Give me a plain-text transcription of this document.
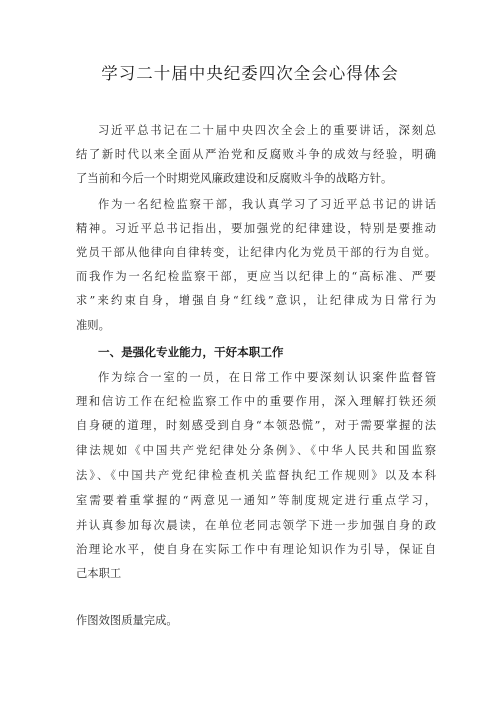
学习二十届中央纪委四次全会心得体会
习近平总书记在二十届中央四次全会上的重要讲话，深刻总
结了新时代以来全面从严治党和反腐败斗争的成效与经验，明确
了当前和今后一个时期党风廉政建设和反腐败斗争的战略方针。
作为一名纪检监察干部，我认真学习了习近平总书记的讲话
精神。习近平总书记指出，要加强党的纪律建设，特别是要推动
党员干部从他律向自律转变，让纪律内化为党员干部的行为自觉。
而我作为一名纪检监察干部，更应当以纪律上的“高标准、严要
求”来约束自身，增强自身“红线”意识，让纪律成为日常行为
准则。
一、是强化专业能力，干好本职工作
作为综合一室的一员，在日常工作中要深刻认识案件监督管
理和信访工作在纪检监察工作中的重要作用，深入理解打铁还须
自身硬的道理，时刻感受到自身“本领恐慌”，对于需要掌握的法
律法规如《中国共产党纪律处分条例》、《中华人民共和国监察
法》、《中国共产党纪律检查机关监督执纪工作规则》以及本科
室需要着重掌握的“两意见一通知”等制度规定进行重点学习，
并认真参加每次晨读，在单位老同志领学下进一步加强自身的政
治理论水平，使自身在实际工作中有理论知识作为引导，保证自
己本职工
作图效图质量完成。
